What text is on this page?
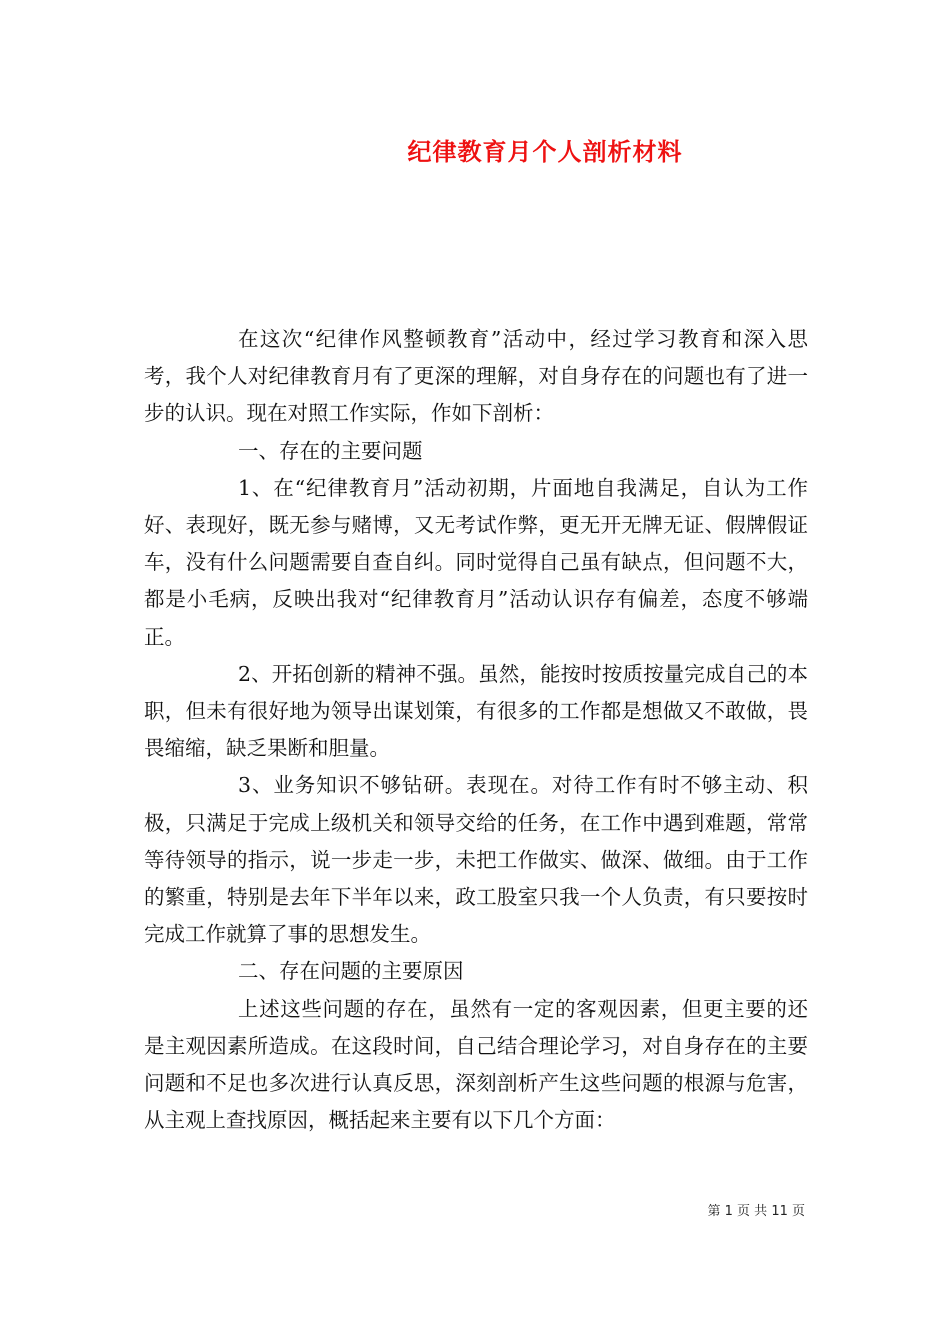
纪律教育月个人剖析材料

在这次“纪律作风整顿教育”活动中，经过学习教育和深入思考，我个人对纪律教育月有了更深的理解，对自身存在的问题也有了进一步的认识。现在对照工作实际，作如下剖析：

一、存在的主要问题

1、在“纪律教育月”活动初期，片面地自我满足，自认为工作好、表现好，既无参与赌博，又无考试作弊，更无开无牌无证、假牌假证车，没有什么问题需要自查自纠。同时觉得自己虽有缺点，但问题不大，都是小毛病，反映出我对“纪律教育月”活动认识存有偏差，态度不够端正。

2、开拓创新的精神不强。虽然，能按时按质按量完成自己的本职，但未有很好地为领导出谋划策，有很多的工作都是想做又不敢做，畏畏缩缩，缺乏果断和胆量。

3、业务知识不够钻研。表现在。对待工作有时不够主动、积极，只满足于完成上级机关和领导交给的任务，在工作中遇到难题，常常等待领导的指示，说一步走一步，未把工作做实、做深、做细。由于工作的繁重，特别是去年下半年以来，政工股室只我一个人负责，有只要按时完成工作就算了事的思想发生。

二、存在问题的主要原因

上述这些问题的存在，虽然有一定的客观因素，但更主要的还是主观因素所造成。在这段时间，自己结合理论学习，对自身存在的主要问题和不足也多次进行认真反思，深刻剖析产生这些问题的根源与危害，从主观上查找原因，概括起来主要有以下几个方面：

第 1 页 共 11 页
